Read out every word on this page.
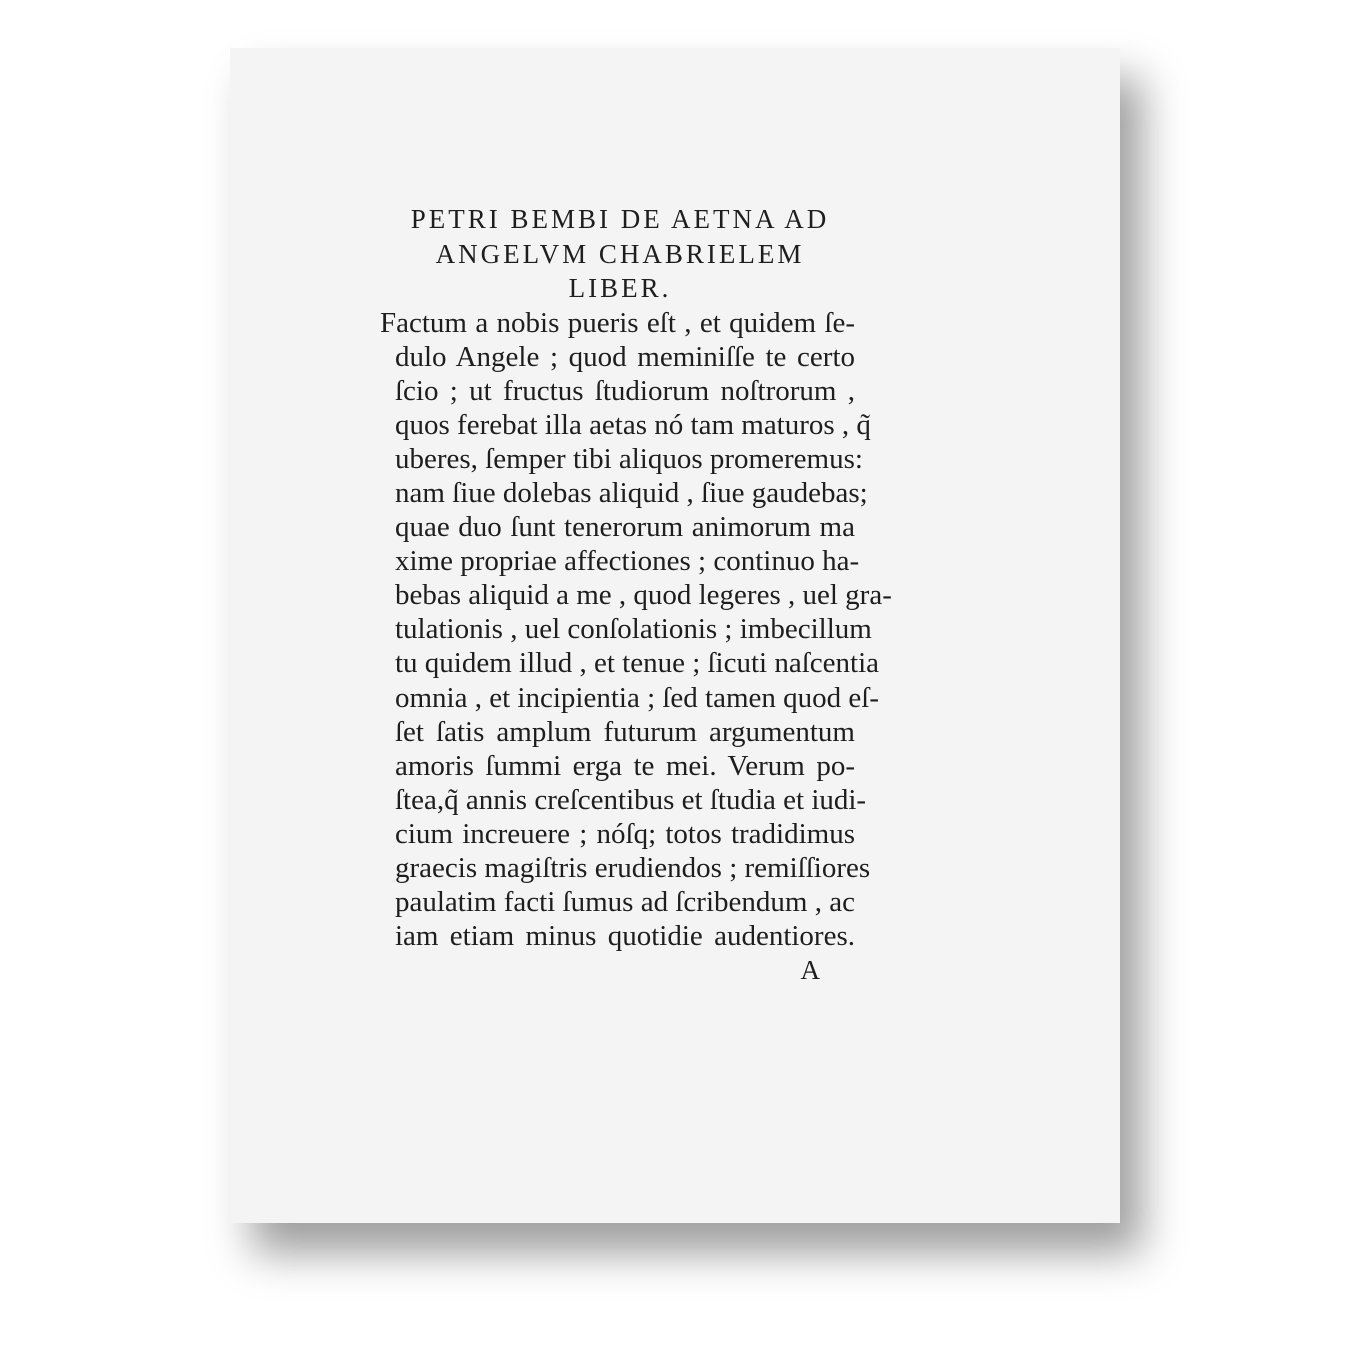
PETRI BEMBI DE AETNA AD
ANGELVM CHABRIELEM
LIBER.
Factum a nobis pueris eſt , et quidem ſe-
dulo Angele ; quod meminiſſe te certo
ſcio ; ut fructus ſtudiorum noſtrorum ,
quos ferebat illa aetas nó tam maturos , q̃
uberes, ſemper tibi aliquos promeremus:
nam ſiue dolebas aliquid , ſiue gaudebas;
quae duo ſunt tenerorum animorum ma
xime propriae affectiones ; continuo ha-
bebas aliquid a me , quod legeres , uel gra-
tulationis , uel conſolationis ; imbecillum
tu quidem illud , et tenue ; ſicuti naſcentia
omnia , et incipientia ; ſed tamen quod eſ-
ſet ſatis amplum futurum argumentum
amoris ſummi erga te mei. Verum po-
ſtea,q̃ annis creſcentibus et ſtudia et iudi-
cium increuere ; nóſq; totos tradidimus
graecis magiſtris erudiendos ; remiſſiores
paulatim facti ſumus ad ſcribendum , ac
iam etiam minus quotidie audentiores.
A
